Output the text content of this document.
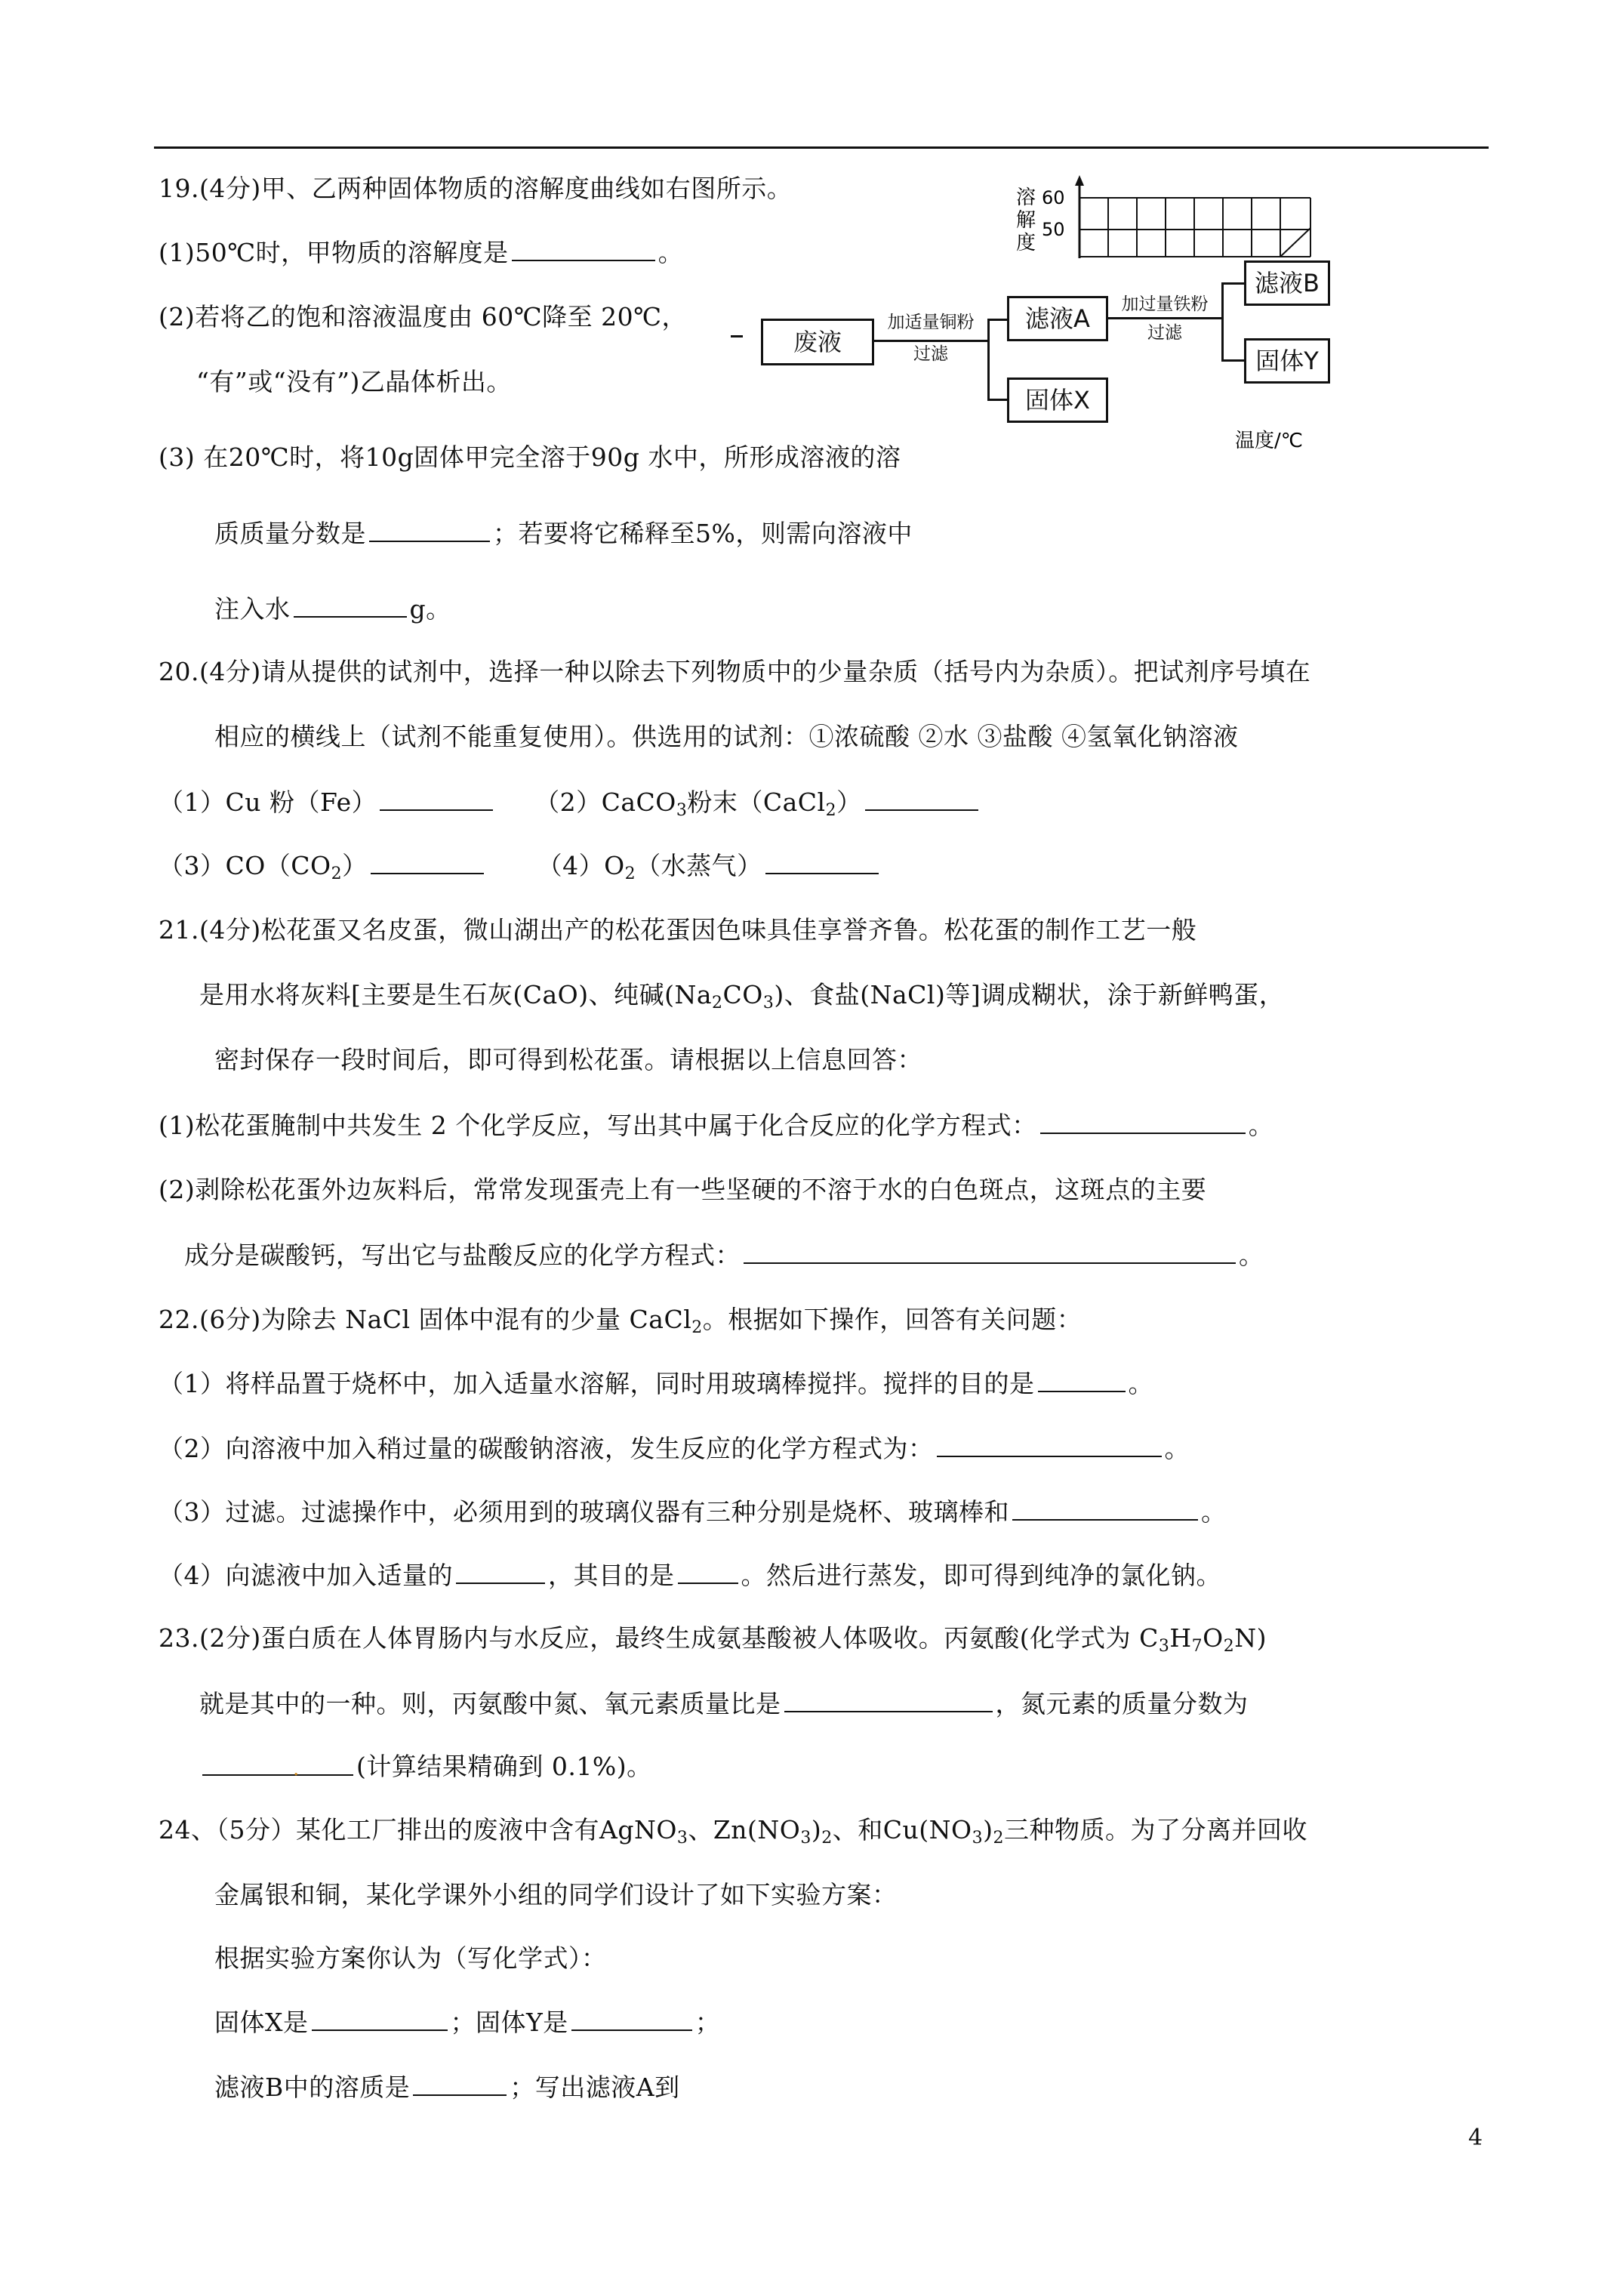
19.(4分)甲、乙两种固体物质的溶解度曲线如右图所示。
(1)50℃时，甲物质的溶解度是	。
(2)若将乙的饱和溶液温度由 60℃降至 20℃，
“有”或“没有”)乙晶体析出。
(3) 在20℃时，将10g固体甲完全溶于90g 水中，所形成溶液的溶
质质量分数是	；若要将它稀释至5%，则需向溶液中
注入水	g。
溶
解
度
60
50
温度/℃
废液
加适量铜粉
过滤
滤液A
固体X
加过量铁粉
过滤
滤液B
固体Y
20.(4分)请从提供的试剂中，选择一种以除去下列物质中的少量杂质（括号内为杂质）。把试剂序号填在
相应的横线上（试剂不能重复使用）。供选用的试剂：①浓硫酸 ②水 ③盐酸 ④氢氧化钠溶液
（1）Cu 粉（Fe）	（2）CaCO$_3$粉末（CaCl$_2$）
$(3)CO(CO_2)$	$(4)O_2$（水蒸气）
21.(4分)松花蛋又名皮蛋，微山湖出产的松花蛋因色味具佳享誉齐鲁。松花蛋的制作工艺一般
是用水将灰料[主要是生石灰(CaO)、纯碱$(Na_2CO_3)$、食盐(NaCl)等]调成糊状，涂于新鲜鸭蛋，
密封保存一段时间后，即可得到松花蛋。请根据以上信息回答：
(1)松花蛋腌制中共发生 2 个化学反应，写出其中属于化合反应的化学方程式：	。
(2)剥除松花蛋外边灰料后，常常发现蛋壳上有一些坚硬的不溶于水的白色斑点，这斑点的主要
成分是碳酸钙，写出它与盐酸反应的化学方程式：	。
22.(6分)为除去 NaCl 固体中混有的少量 CaCl$_2$。根据如下操作，回答有关问题：
（1）将样品置于烧杯中，加入适量水溶解，同时用玻璃棒搅拌。搅拌的目的是	。
（2）向溶液中加入稍过量的碳酸钠溶液，发生反应的化学方程式为：	。
（3）过滤。过滤操作中，必须用到的玻璃仪器有三种分别是烧杯、玻璃棒和	。
（4）向滤液中加入适量的	，其目的是	。然后进行蒸发，即可得到纯净的氯化钠。
23.(2分)蛋白质在人体胃肠内与水反应，最终生成氨基酸被人体吸收。丙氨酸(化学式为 $C_3H_7O_2N$)
就是其中的一种。则，丙氨酸中氮、氧元素质量比是	，氮元素的质量分数为
. (计算结果精确到 0.1%)。
24、（5分）某化工厂排出的废液中含有AgNO$_3$、$Zn(NO_3)_2$、和$Cu(NO_3)_2$三种物质。为了分离并回收
金属银和铜，某化学课外小组的同学们设计了如下实验方案：
根据实验方案你认为（写化学式）：
固体X是	；固体Y是	；
滤液B中的溶质是	；写出滤液A到
4
